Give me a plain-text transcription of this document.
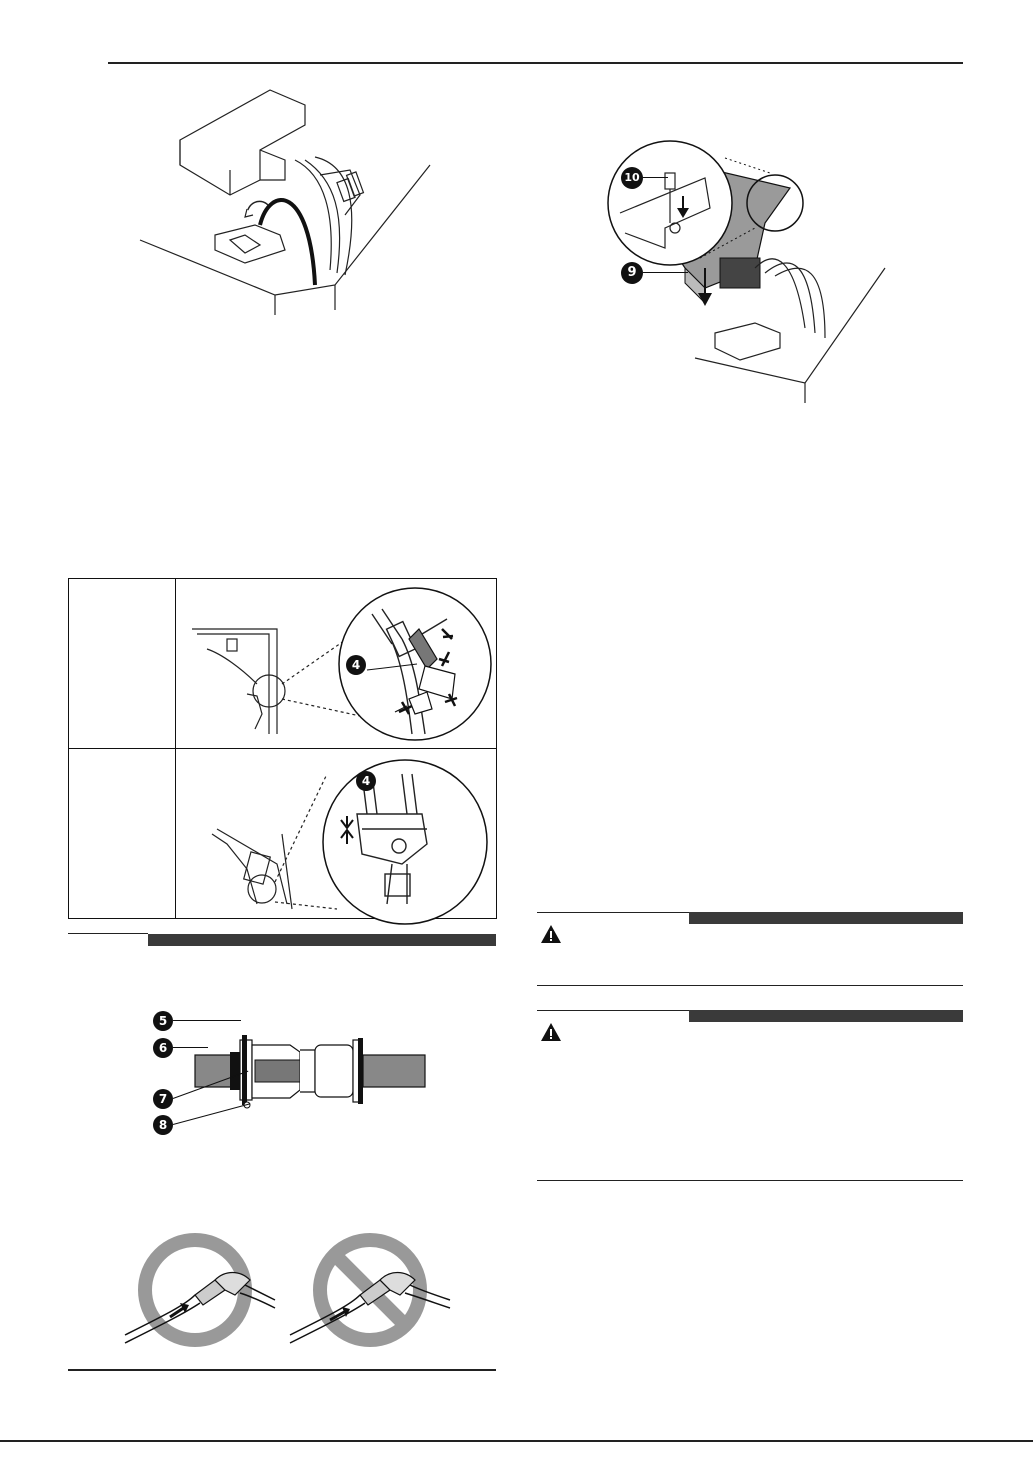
10
9
4
4
5
6
7
8
